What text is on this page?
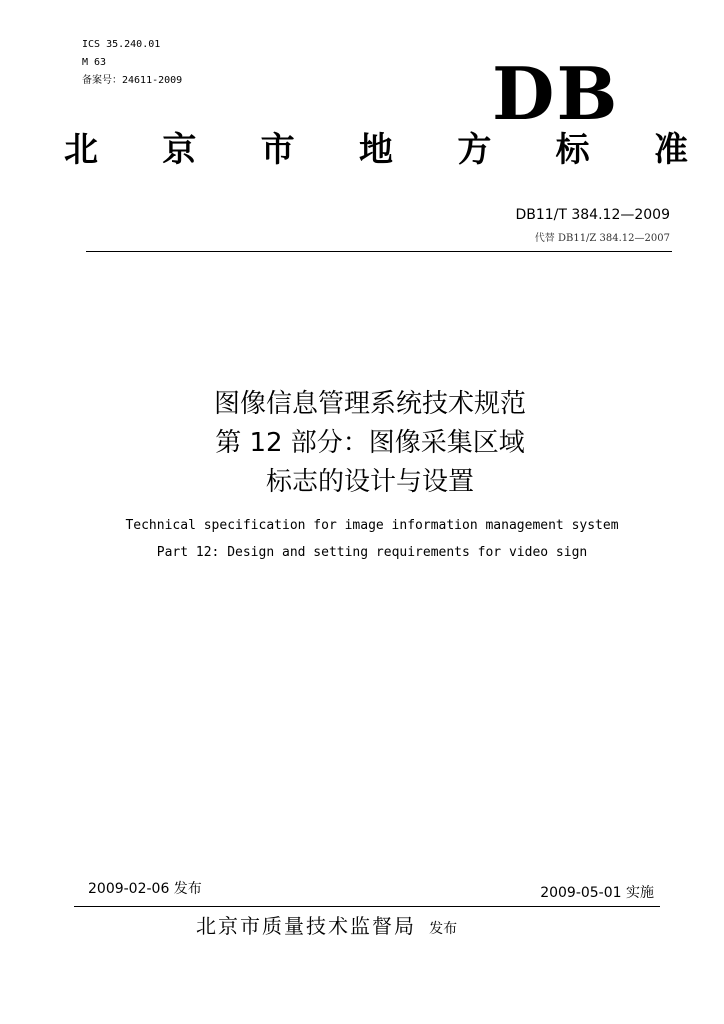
ICS 35.240.01
M 63
备案号：24611-2009	DB
北 京 市 地 方 标 准
DB11/T 384.12—2009
代替 DB11/Z 384.12—2007
图像信息管理系统技术规范
第 12 部分：图像采集区域
标志的设计与设置
Technical specification for image information management system
Part 12: Design and setting requirements for video sign
2009-02-06 发布	2009-05-01 实施
北京市质量技术监督局 发布
